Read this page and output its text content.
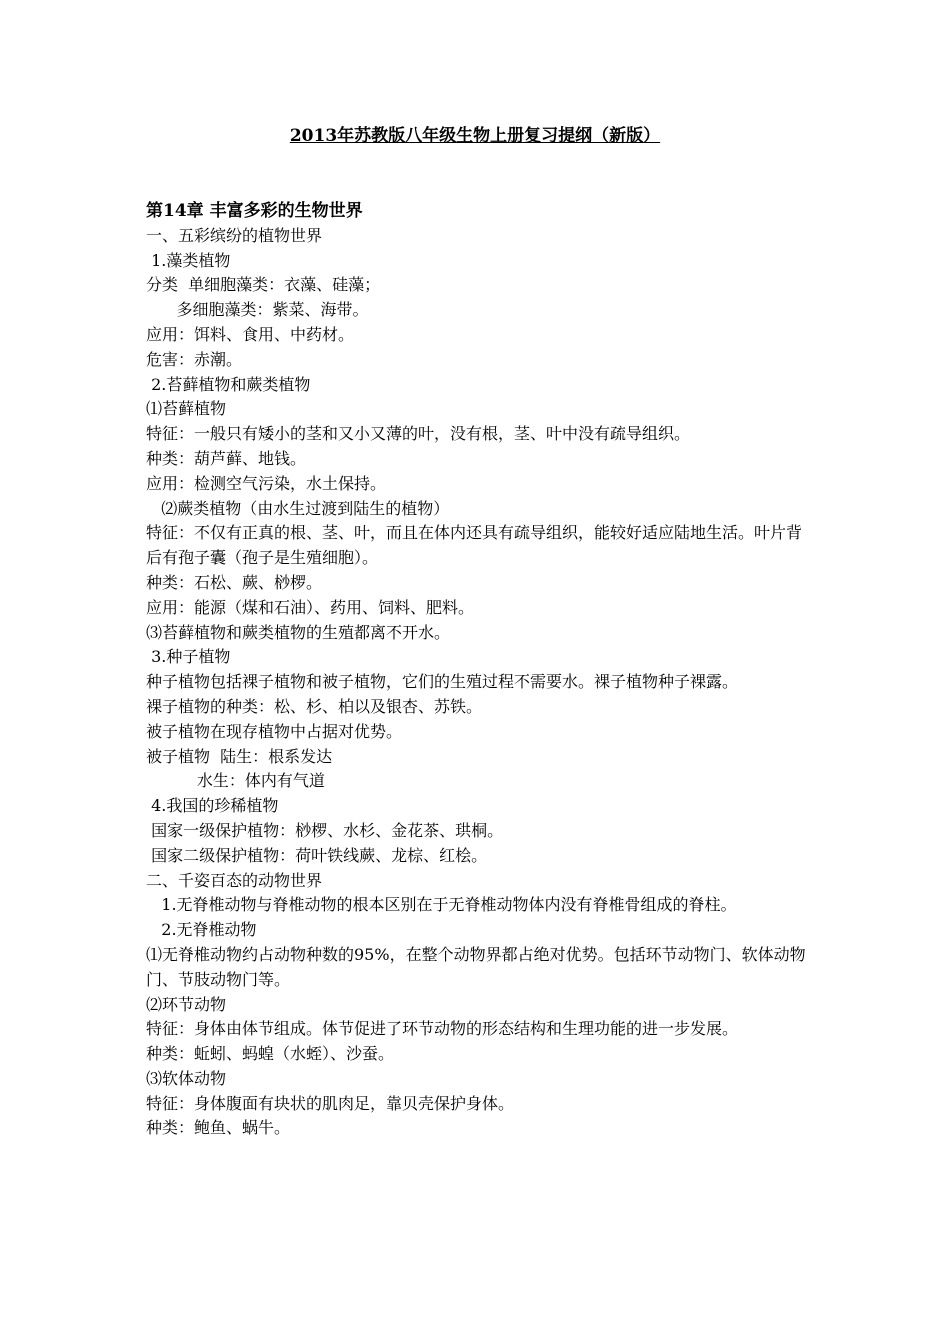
2013年苏教版八年级生物上册复习提纲（新版）
第14章 丰富多彩的生物世界
一、五彩缤纷的植物世界
1.藻类植物
分类  单细胞藻类：衣藻、硅藻；
多细胞藻类：紫菜、海带。
应用：饵料、食用、中药材。
危害：赤潮。
2.苔藓植物和蕨类植物
⑴苔藓植物
特征：一般只有矮小的茎和又小又薄的叶，没有根，茎、叶中没有疏导组织。
种类：葫芦藓、地钱。
应用：检测空气污染，水土保持。
⑵蕨类植物（由水生过渡到陆生的植物）
特征：不仅有正真的根、茎、叶，而且在体内还具有疏导组织，能较好适应陆地生活。叶片背后有孢子囊（孢子是生殖细胞）。
种类：石松、蕨、桫椤。
应用：能源（煤和石油）、药用、饲料、肥料。
⑶苔藓植物和蕨类植物的生殖都离不开水。
3.种子植物
种子植物包括裸子植物和被子植物，它们的生殖过程不需要水。裸子植物种子裸露。
裸子植物的种类：松、杉、柏以及银杏、苏铁。
被子植物在现存植物中占据对优势。
被子植物  陆生：根系发达
水生：体内有气道
4.我国的珍稀植物
国家一级保护植物：桫椤、水杉、金花茶、珙桐。
国家二级保护植物：荷叶铁线蕨、龙棕、红桧。
二、千姿百态的动物世界
1.无脊椎动物与脊椎动物的根本区别在于无脊椎动物体内没有脊椎骨组成的脊柱。
2.无脊椎动物
⑴无脊椎动物约占动物种数的95%，在整个动物界都占绝对优势。包括环节动物门、软体动物门、节肢动物门等。
⑵环节动物
特征：身体由体节组成。体节促进了环节动物的形态结构和生理功能的进一步发展。
种类：蚯蚓、蚂蝗（水蛭）、沙蚕。
⑶软体动物
特征：身体腹面有块状的肌肉足，靠贝壳保护身体。
种类：鲍鱼、蜗牛。
